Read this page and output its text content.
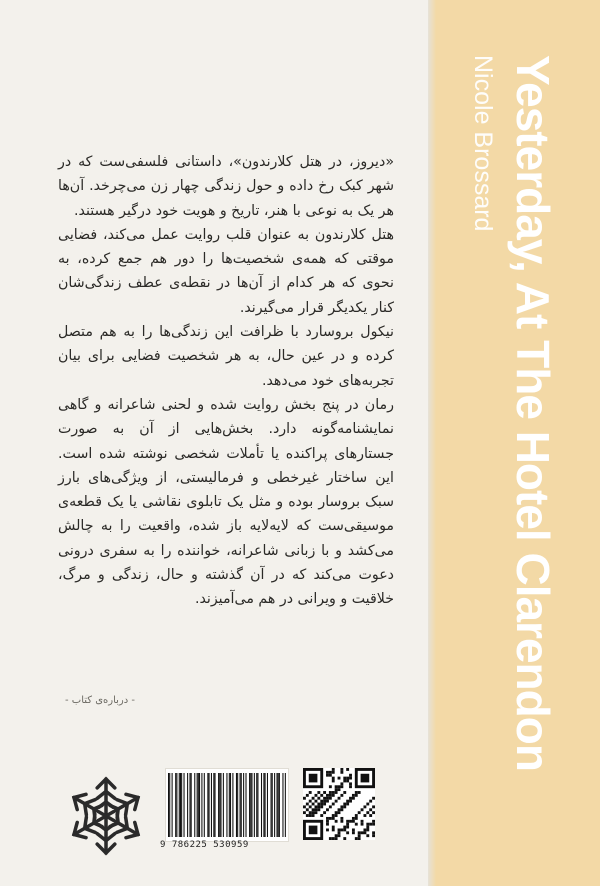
Yesterday, At The Hotel Clarendon
Nicole Brossard

«دیروز، در هتل کلارندون»، داستانی فلسفی‌ست که در شهر کبک رخ داده و حول زندگی چهار زن می‌چرخد. آن‌ها هر یک به نوعی با هنر، تاریخ و هویت خود درگیر هستند.

هتل کلارندون به عنوان قلب روایت عمل می‌کند، فضایی موقتی که همه‌ی شخصیت‌ها را دور هم جمع کرده، به نحوی که هر کدام از آن‌ها در نقطه‌ی عطف زندگی‌شان کنار یکدیگر قرار می‌گیرند.

نیکول بروسارد با ظرافت این زندگی‌ها را به هم متصل کرده و در عین حال، به هر شخصیت فضایی برای بیان تجربه‌های خود می‌دهد.

رمان در پنج بخش روایت شده و لحنی شاعرانه و گاهی نمایشنامه‌گونه دارد. بخش‌هایی از آن به صورت جستارهای پراکنده یا تأملات شخصی نوشته شده است. این ساختار غیرخطی و فرمالیستی، از ویژگی‌های بارز سبک بروسار بوده و مثل یک تابلوی نقاشی یا یک قطعه‌ی موسیقی‌ست که لایه‌لایه باز شده، واقعیت را به چالش می‌کشد و با زبانی شاعرانه، خواننده را به سفری درونی دعوت می‌کند که در آن گذشته و حال، زندگی و مرگ، خلاقیت و ویرانی در هم می‌آمیزند.

- درباره‌ی کتاب -
9 786225 530959
